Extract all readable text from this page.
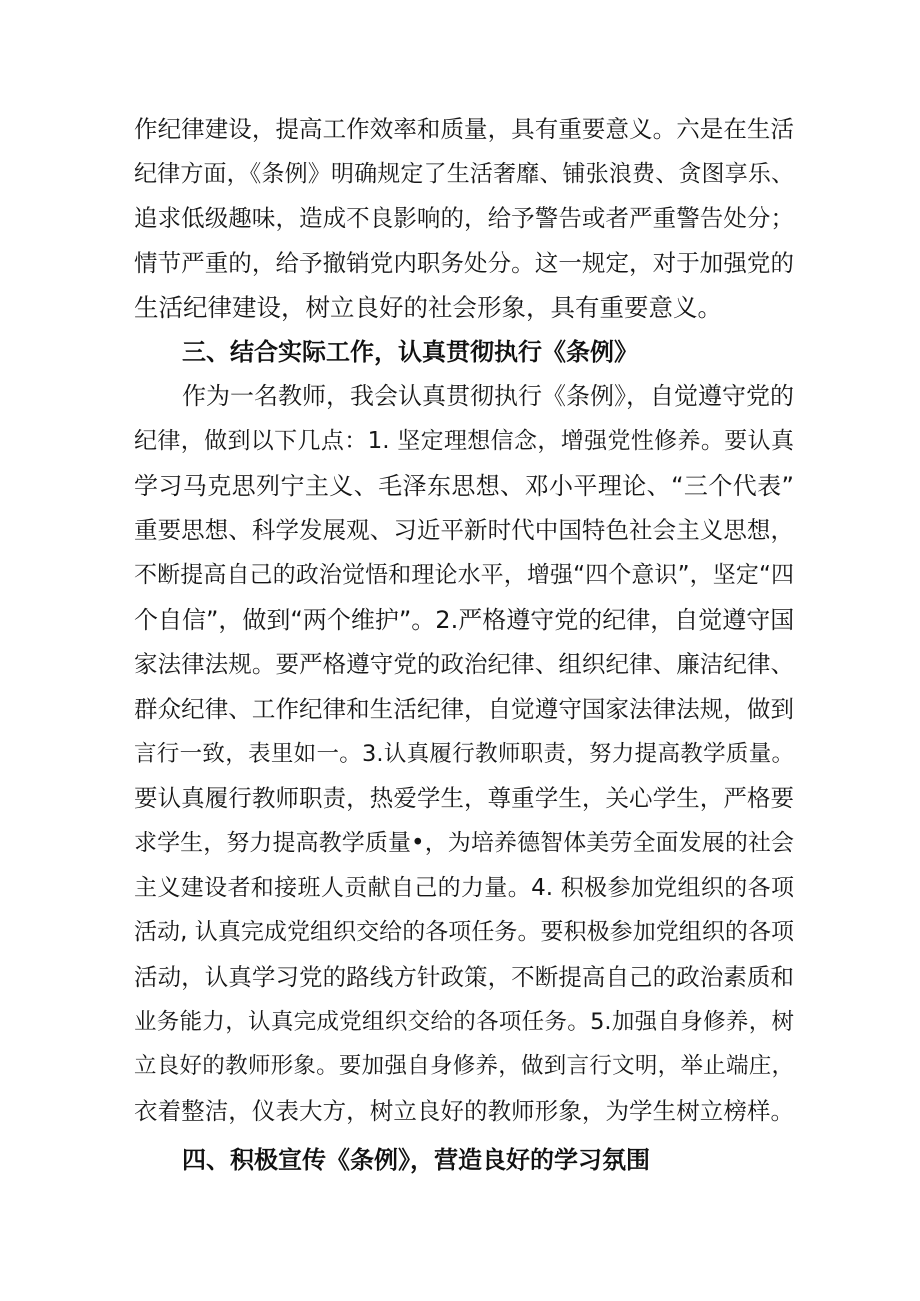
作纪律建设，提高工作效率和质量，具有重要意义。六是在生活
纪律方面，《条例》明确规定了生活奢靡、铺张浪费、贪图享乐、
追求低级趣味，造成不良影响的，给予警告或者严重警告处分；
情节严重的，给予撤销党内职务处分。这一规定，对于加强党的
生活纪律建设，树立良好的社会形象，具有重要意义。
三、结合实际工作，认真贯彻执行《条例》
作为一名教师，我会认真贯彻执行《条例》，自觉遵守党的
纪律，做到以下几点：1. 坚定理想信念，增强党性修养。要认真
学习马克思列宁主义、毛泽东思想、邓小平理论、“三个代表”
重要思想、科学发展观、习近平新时代中国特色社会主义思想，
不断提高自己的政治觉悟和理论水平，增强“四个意识”，坚定“四
个自信”，做到“两个维护”。2.严格遵守党的纪律，自觉遵守国
家法律法规。要严格遵守党的政治纪律、组织纪律、廉洁纪律、
群众纪律、工作纪律和生活纪律，自觉遵守国家法律法规，做到
言行一致，表里如一。3.认真履行教师职责，努力提高教学质量。
要认真履行教师职责，热爱学生，尊重学生，关心学生，严格要
求学生，努力提高教学质量•，为培养德智体美劳全面发展的社会
主义建设者和接班人贡献自己的力量。4. 积极参加党组织的各项
活动, 认真完成党组织交给的各项任务。要积极参加党组织的各项
活动，认真学习党的路线方针政策，不断提高自己的政治素质和
业务能力，认真完成党组织交给的各项任务。5.加强自身修养，树
立良好的教师形象。要加强自身修养，做到言行文明，举止端庄，
衣着整洁，仪表大方，树立良好的教师形象，为学生树立榜样。
四、积极宣传《条例》，营造良好的学习氛围
